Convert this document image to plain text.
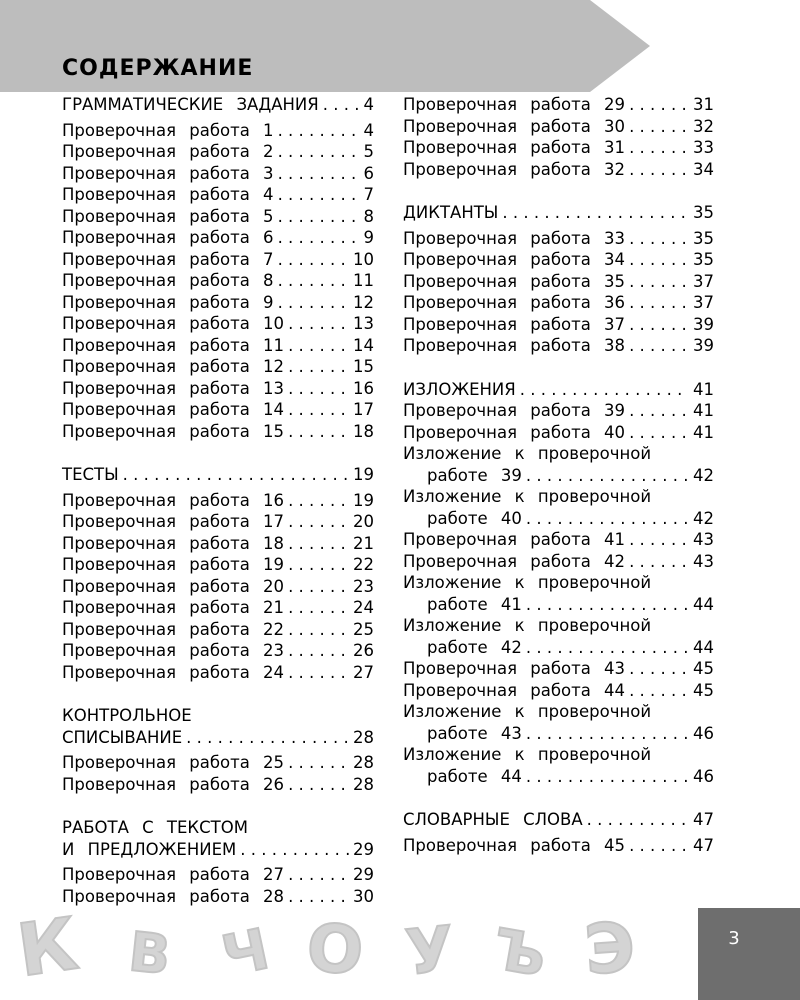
СОДЕРЖАНИЕ
ГРАММАТИЧЕСКИЕ ЗАДАНИЯ . . .	4
Проверочная работа 1 . . .	4
Проверочная работа 2 . . .	5
Проверочная работа 3 . . .	6
Проверочная работа 4 . . .	7
Проверочная работа 5 . . .	8
Проверочная работа 6 . . .	9
Проверочная работа 7 . . .	10
Проверочная работа 8 . . .	11
Проверочная работа 9 . . .	12
Проверочная работа 10 . . .	13
Проверочная работа 11 . . .	14
Проверочная работа 12 . . .	15
Проверочная работа 13 . . .	16
Проверочная работа 14 . . .	17
Проверочная работа 15 . . .	18
ТЕСТЫ . . .	19
Проверочная работа 16 . . .	19
Проверочная работа 17 . . .	20
Проверочная работа 18 . . .	21
Проверочная работа 19 . . .	22
Проверочная работа 20 . . .	23
Проверочная работа 21 . . .	24
Проверочная работа 22 . . .	25
Проверочная работа 23 . . .	26
Проверочная работа 24 . . .	27
КОНТРОЛЬНОЕ
СПИСЫВАНИЕ . . .	28
Проверочная работа 25 . . .	28
Проверочная работа 26 . . .	28
РАБОТА С ТЕКСТОМ
И ПРЕДЛОЖЕНИЕМ . . .	29
Проверочная работа 27 . . .	29
Проверочная работа 28 . . .	30
Проверочная работа 29 . . .	31
Проверочная работа 30 . . .	32
Проверочная работа 31 . . .	33
Проверочная работа 32 . . .	34
ДИКТАНТЫ . . .	35
Проверочная работа 33 . . .	35
Проверочная работа 34 . . .	35
Проверочная работа 35 . . .	37
Проверочная работа 36 . . .	37
Проверочная работа 37 . . .	39
Проверочная работа 38 . . .	39
ИЗЛОЖЕНИЯ . . .	41
Проверочная работа 39 . . .	41
Проверочная работа 40 . . .	41
Изложение к проверочной
работе 39 . . .	42
Изложение к проверочной
работе 40 . . .	42
Проверочная работа 41 . . .	43
Проверочная работа 42 . . .	43
Изложение к проверочной
работе 41 . . .	44
Изложение к проверочной
работе 42 . . .	44
Проверочная работа 43 . . .	45
Проверочная работа 44 . . .	45
Изложение к проверочной
работе 43 . . .	46
Изложение к проверочной
работе 44 . . .	46
СЛОВАРНЫЕ СЛОВА . . .	47
Проверочная работа 45 . . .	47
К В Ч О У Ъ Э	3
